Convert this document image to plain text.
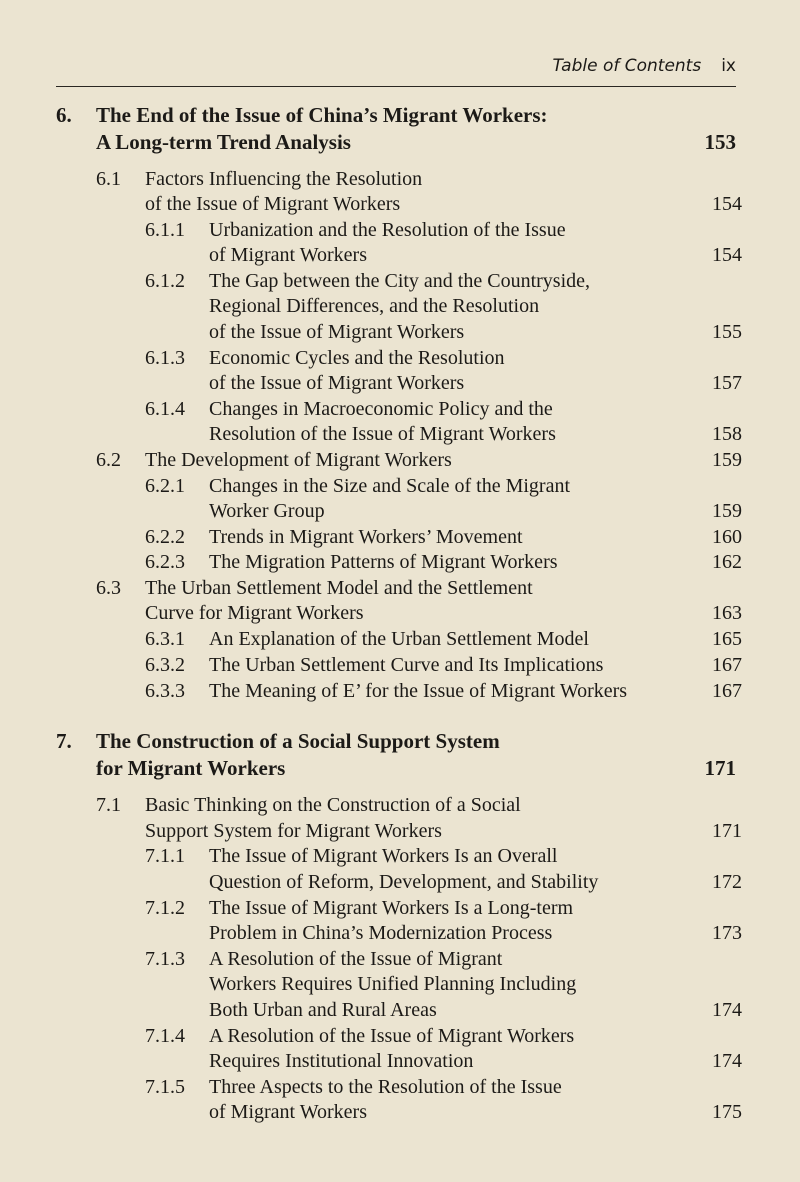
Table of Contents ix
6. The End of the Issue of China’s Migrant Workers:
A Long-term Trend Analysis	153
6.1 Factors Influencing the Resolution
of the Issue of Migrant Workers	154
6.1.1 Urbanization and the Resolution of the Issue
of Migrant Workers	154
6.1.2 The Gap between the City and the Countryside,
Regional Differences, and the Resolution
of the Issue of Migrant Workers	155
6.1.3 Economic Cycles and the Resolution
of the Issue of Migrant Workers	157
6.1.4 Changes in Macroeconomic Policy and the
Resolution of the Issue of Migrant Workers	158
6.2 The Development of Migrant Workers	159
6.2.1 Changes in the Size and Scale of the Migrant
Worker Group	159
6.2.2 Trends in Migrant Workers’ Movement	160
6.2.3 The Migration Patterns of Migrant Workers	162
6.3 The Urban Settlement Model and the Settlement
Curve for Migrant Workers	163
6.3.1 An Explanation of the Urban Settlement Model	165
6.3.2 The Urban Settlement Curve and Its Implications	167
6.3.3 The Meaning of E’ for the Issue of Migrant Workers	167
7. The Construction of a Social Support System
for Migrant Workers	171
7.1 Basic Thinking on the Construction of a Social
Support System for Migrant Workers	171
7.1.1 The Issue of Migrant Workers Is an Overall
Question of Reform, Development, and Stability	172
7.1.2 The Issue of Migrant Workers Is a Long-term
Problem in China’s Modernization Process	173
7.1.3 A Resolution of the Issue of Migrant
Workers Requires Unified Planning Including
Both Urban and Rural Areas	174
7.1.4 A Resolution of the Issue of Migrant Workers
Requires Institutional Innovation	174
7.1.5 Three Aspects to the Resolution of the Issue
of Migrant Workers	175
